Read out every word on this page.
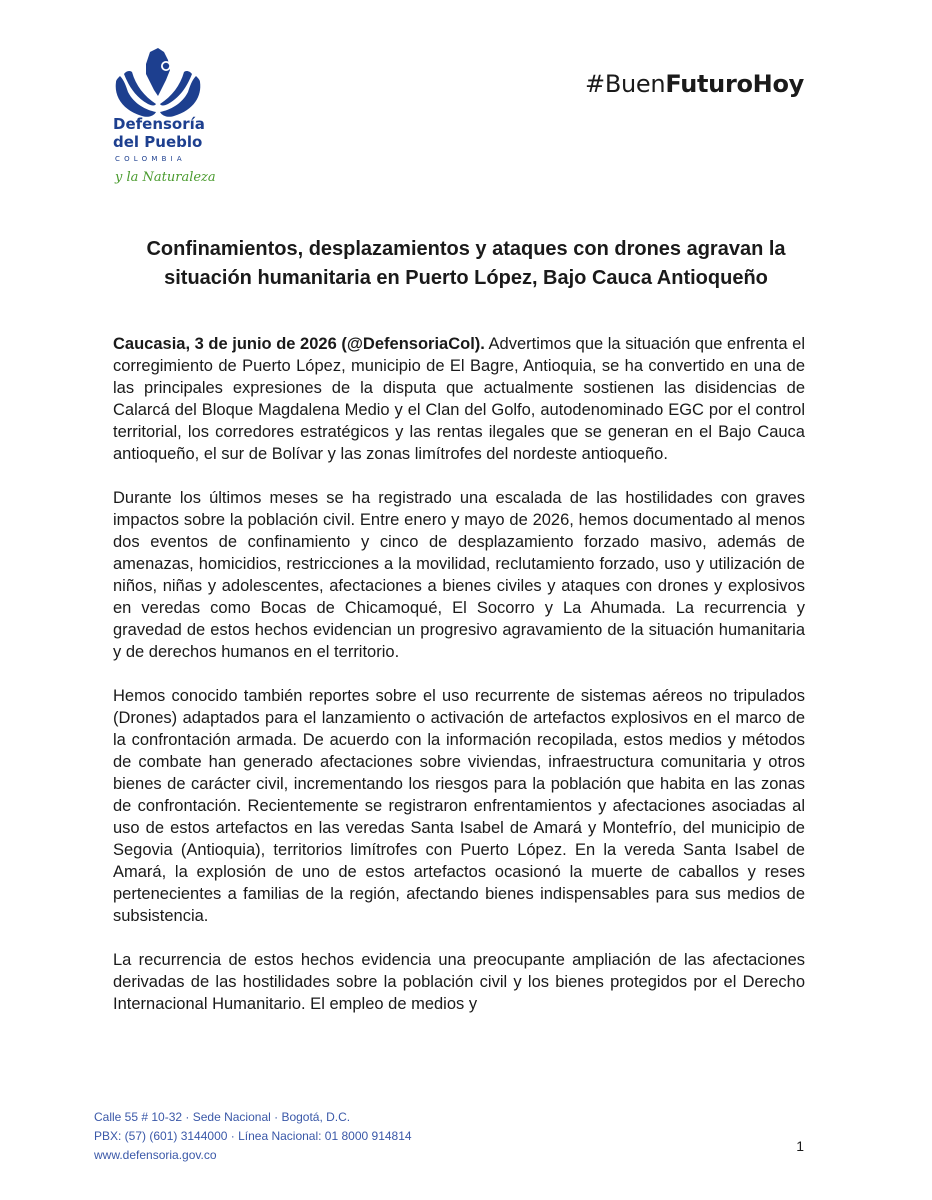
Defensoría
del Pueblo
COLOMBIA
y la Naturaleza
#BuenFuturoHoy
Confinamientos, desplazamientos y ataques con drones agravan la
situación humanitaria en Puerto López, Bajo Cauca Antioqueño

Caucasia, 3 de junio de 2026 (@DefensoriaCol). Advertimos que la situación que enfrenta el corregimiento de Puerto López, municipio de El Bagre, Antioquia, se ha convertido en una de las principales expresiones de la disputa que actualmente sostienen las disidencias de Calarcá del Bloque Magdalena Medio y el Clan del Golfo, autodenominado EGC por el control territorial, los corredores estratégicos y las rentas ilegales que se generan en el Bajo Cauca antioqueño, el sur de Bolívar y las zonas limítrofes del nordeste antioqueño.

Durante los últimos meses se ha registrado una escalada de las hostilidades con graves impactos sobre la población civil. Entre enero y mayo de 2026, hemos documentado al menos dos eventos de confinamiento y cinco de desplazamiento forzado masivo, además de amenazas, homicidios, restricciones a la movilidad, reclutamiento forzado, uso y utilización de niños, niñas y adolescentes, afectaciones a bienes civiles y ataques con drones y explosivos en veredas como Bocas de Chicamoqué, El Socorro y La Ahumada. La recurrencia y gravedad de estos hechos evidencian un progresivo agravamiento de la situación humanitaria y de derechos humanos en el territorio.

Hemos conocido también reportes sobre el uso recurrente de sistemas aéreos no tripulados (Drones) adaptados para el lanzamiento o activación de artefactos explosivos en el marco de la confrontación armada. De acuerdo con la información recopilada, estos medios y métodos de combate han generado afectaciones sobre viviendas, infraestructura comunitaria y otros bienes de carácter civil, incrementando los riesgos para la población que habita en las zonas de confrontación. Recientemente se registraron enfrentamientos y afectaciones asociadas al uso de estos artefactos en las veredas Santa Isabel de Amará y Montefrío, del municipio de Segovia (Antioquia), territorios limítrofes con Puerto López. En la vereda Santa Isabel de Amará, la explosión de uno de estos artefactos ocasionó la muerte de caballos y reses pertenecientes a familias de la región, afectando bienes indispensables para sus medios de subsistencia.

La recurrencia de estos hechos evidencia una preocupante ampliación de las afectaciones derivadas de las hostilidades sobre la población civil y los bienes protegidos por el Derecho Internacional Humanitario. El empleo de medios y

Calle 55 # 10-32 · Sede Nacional · Bogotá, D.C.
PBX: (57) (601) 3144000 · Línea Nacional: 01 8000 914814
www.defensoria.gov.co
1
